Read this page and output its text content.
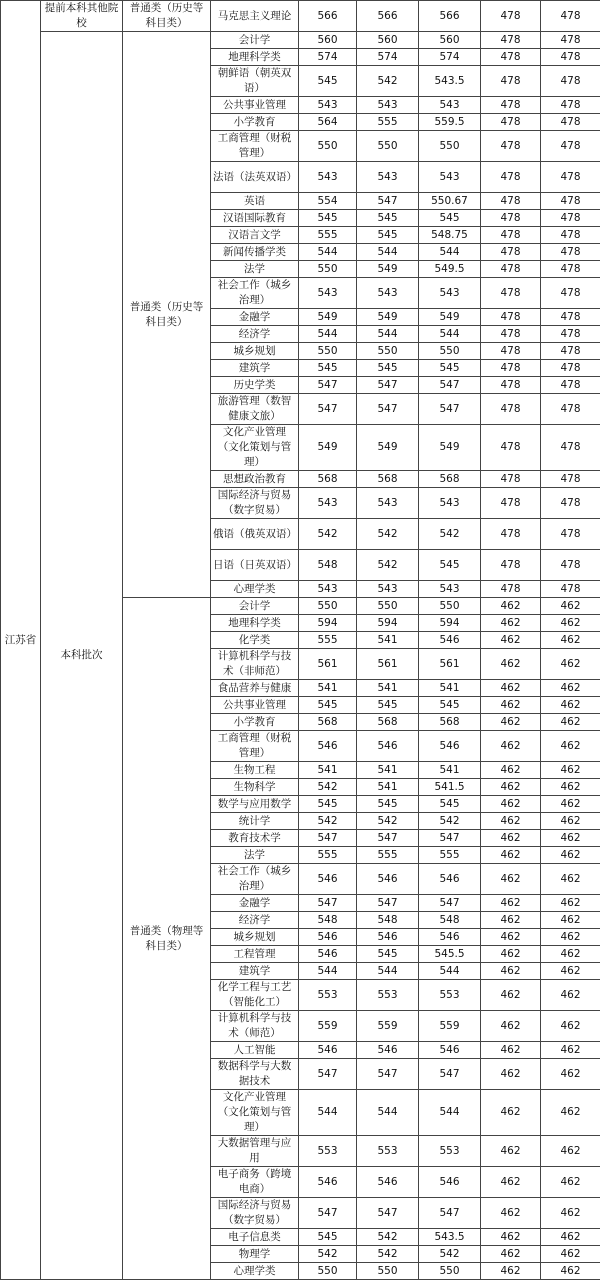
江苏省	提前本科其他院校	普通类（历史等科目类）	马克思主义理论	566	566	566	478	478
	本科批次	普通类（历史等科目类）	会计学	560	560	560	478	478
			地理科学类	574	574	574	478	478
			朝鲜语（朝英双语）	545	542	543.5	478	478
			公共事业管理	543	543	543	478	478
			小学教育	564	555	559.5	478	478
			工商管理（财税管理）	550	550	550	478	478
			法语（法英双语）	543	543	543	478	478
			英语	554	547	550.67	478	478
			汉语国际教育	545	545	545	478	478
			汉语言文学	555	545	548.75	478	478
			新闻传播学类	544	544	544	478	478
			法学	550	549	549.5	478	478
			社会工作（城乡治理）	543	543	543	478	478
			金融学	549	549	549	478	478
			经济学	544	544	544	478	478
			城乡规划	550	550	550	478	478
			建筑学	545	545	545	478	478
			历史学类	547	547	547	478	478
			旅游管理（数智健康文旅）	547	547	547	478	478
			文化产业管理（文化策划与管理）	549	549	549	478	478
			思想政治教育	568	568	568	478	478
			国际经济与贸易（数字贸易）	543	543	543	478	478
			俄语（俄英双语）	542	542	542	478	478
			日语（日英双语）	548	542	545	478	478
			心理学类	543	543	543	478	478
		普通类（物理等科目类）	会计学	550	550	550	462	462
			地理科学类	594	594	594	462	462
			化学类	555	541	546	462	462
			计算机科学与技术（非师范）	561	561	561	462	462
			食品营养与健康	541	541	541	462	462
			公共事业管理	545	545	545	462	462
			小学教育	568	568	568	462	462
			工商管理（财税管理）	546	546	546	462	462
			生物工程	541	541	541	462	462
			生物科学	542	541	541.5	462	462
			数学与应用数学	545	545	545	462	462
			统计学	542	542	542	462	462
			教育技术学	547	547	547	462	462
			法学	555	555	555	462	462
			社会工作（城乡治理）	546	546	546	462	462
			金融学	547	547	547	462	462
			经济学	548	548	548	462	462
			城乡规划	546	546	546	462	462
			工程管理	546	545	545.5	462	462
			建筑学	544	544	544	462	462
			化学工程与工艺（智能化工）	553	553	553	462	462
			计算机科学与技术（师范）	559	559	559	462	462
			人工智能	546	546	546	462	462
			数据科学与大数据技术	547	547	547	462	462
			文化产业管理（文化策划与管理）	544	544	544	462	462
			大数据管理与应用	553	553	553	462	462
			电子商务（跨境电商）	546	546	546	462	462
			国际经济与贸易（数字贸易）	547	547	547	462	462
			电子信息类	545	542	543.5	462	462
			物理学	542	542	542	462	462
			心理学类	550	550	550	462	462
